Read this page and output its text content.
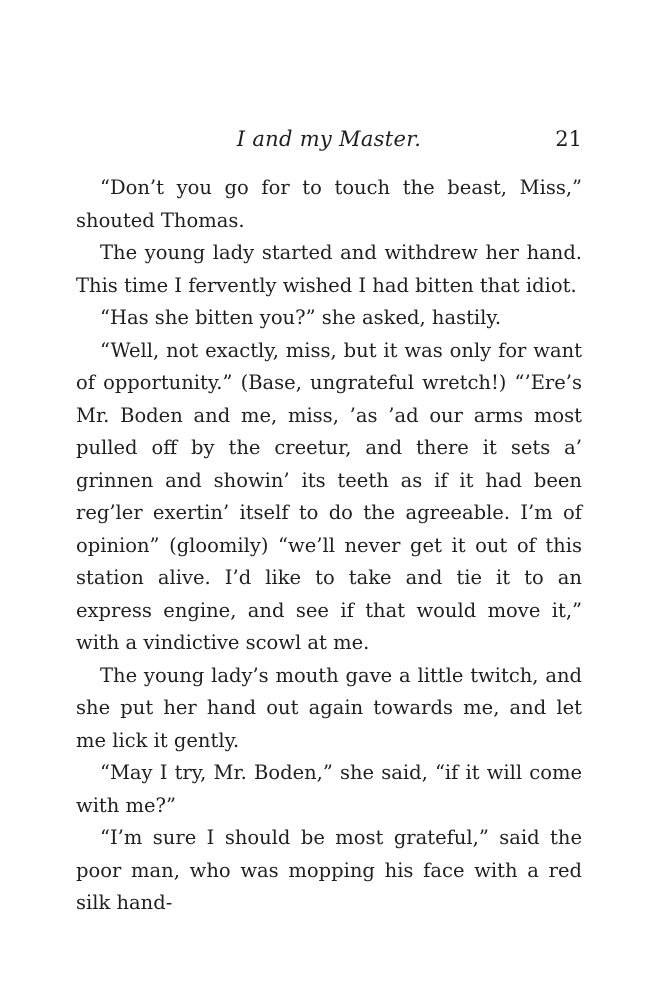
I and my Master.	21

“Don’t you go for to touch the beast, Miss,” shouted Thomas.

The young lady started and withdrew her hand. This time I fervently wished I had bitten that idiot.

“Has she bitten you?” she asked, hastily.

“Well, not exactly, miss, but it was only for want of opportunity.” (Base, ungrateful wretch!) “’Ere’s Mr. Boden and me, miss, ’as ’ad our arms most pulled off by the creetur, and there it sets a’ grinnen and showin’ its teeth as if it had been reg’ler exertin’ itself to do the agreeable. I’m of opinion” (gloomily) “we’ll never get it out of this station alive. I’d like to take and tie it to an express engine, and see if that would move it,” with a vindictive scowl at me.

The young lady’s mouth gave a little twitch, and she put her hand out again towards me, and let me lick it gently.

“May I try, Mr. Boden,” she said, “if it will come with me?”

“I’m sure I should be most grateful,” said the poor man, who was mopping his face with a red silk hand-
